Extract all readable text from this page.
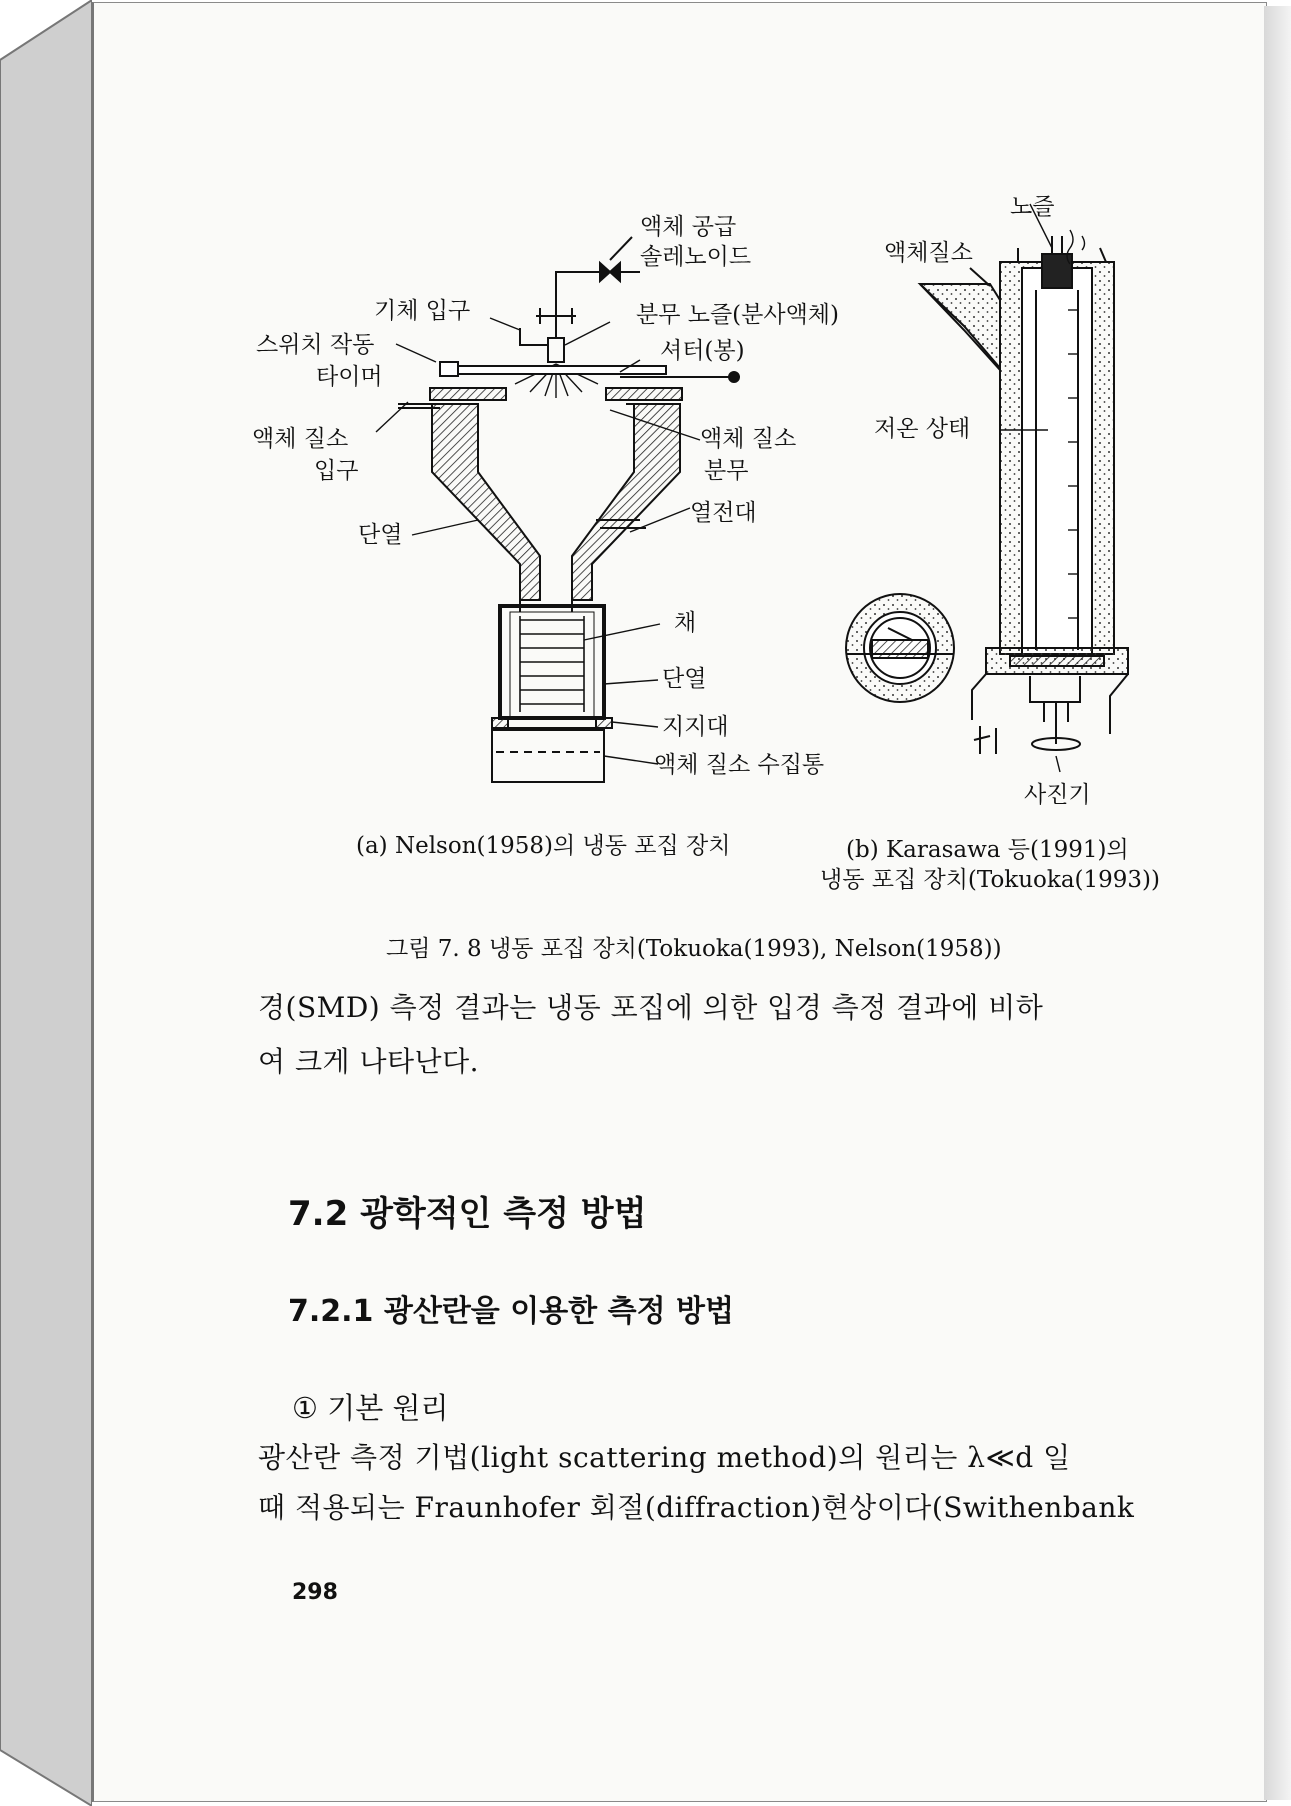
액체 공급
솔레노이드
기체 입구	분무 노즐(분사액체)
스위치 작동
타이머
셔터(봉)
액체 질소
입구
액체 질소
분무
단열
열전대
채
단열
지지대
액체 질소 수집통
노즐
액체질소
저온 상태
사진기
(a) Nelson(1958)의 냉동 포집 장치	(b) Karasawa 등(1991)의
냉동 포집 장치(Tokuoka(1993))
그림 7. 8 냉동 포집 장치(Tokuoka(1993), Nelson(1958))
경(SMD) 측정 결과는 냉동 포집에 의한 입경 측정 결과에 비하
여 크게 나타난다.
7.2 광학적인 측정 방법
7.2.1 광산란을 이용한 측정 방법
① 기본 원리
광산란 측정 기법(light scattering method)의 원리는 λ≪d 일
때 적용되는 Fraunhofer 회절(diffraction)현상이다(Swithenbank
298
